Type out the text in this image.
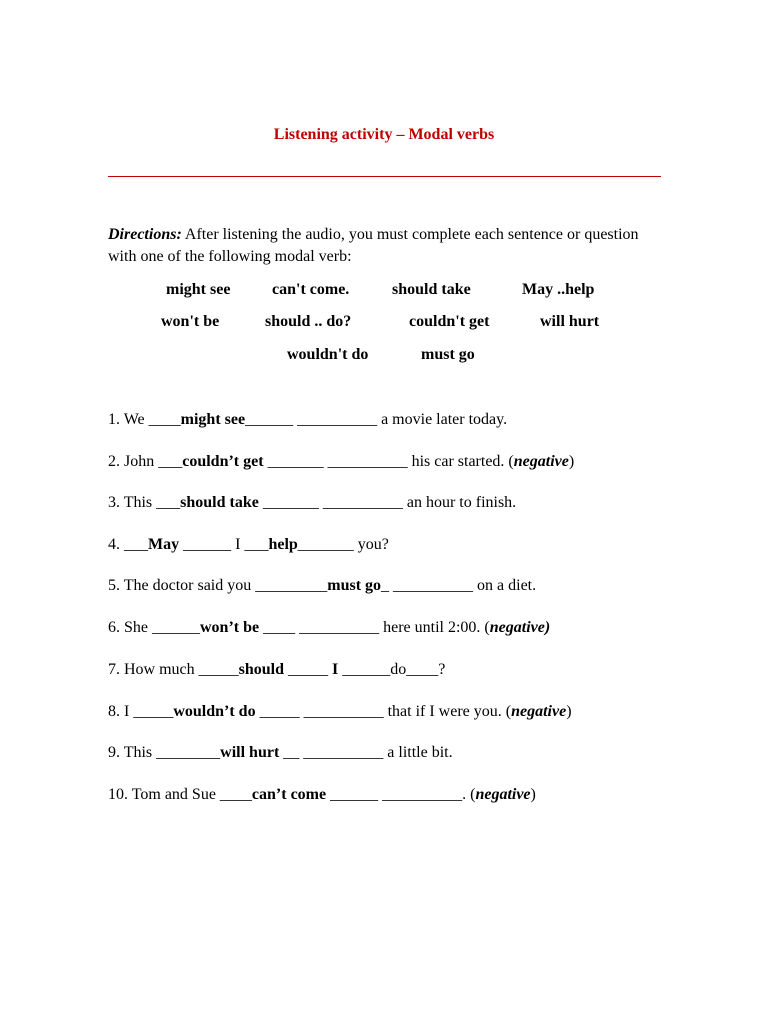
Listening activity – Modal verbs
Directions: After listening the audio, you must complete each sentence or question with one of the following modal verb:
might see	can't come.	should take	May ..help
won't be	should .. do?	couldn't get	will hurt
wouldn't do	must go
1. We ____might see______ __________ a movie later today.
2. John ___couldn’t get _______ __________ his car started. (negative)
3. This ___should take _______ __________ an hour to finish.
4. ___May ______ I ___help_______ you?
5. The doctor said you _________must go_ __________ on a diet.
6. She ______won’t be ____ __________ here until 2:00. (negative)
7. How much _____should _____ I ______do____?
8. I _____wouldn’t do _____ __________ that if I were you. (negative)
9. This ________will hurt __ __________ a little bit.
10. Tom and Sue ____can’t come ______ __________. (negative)
